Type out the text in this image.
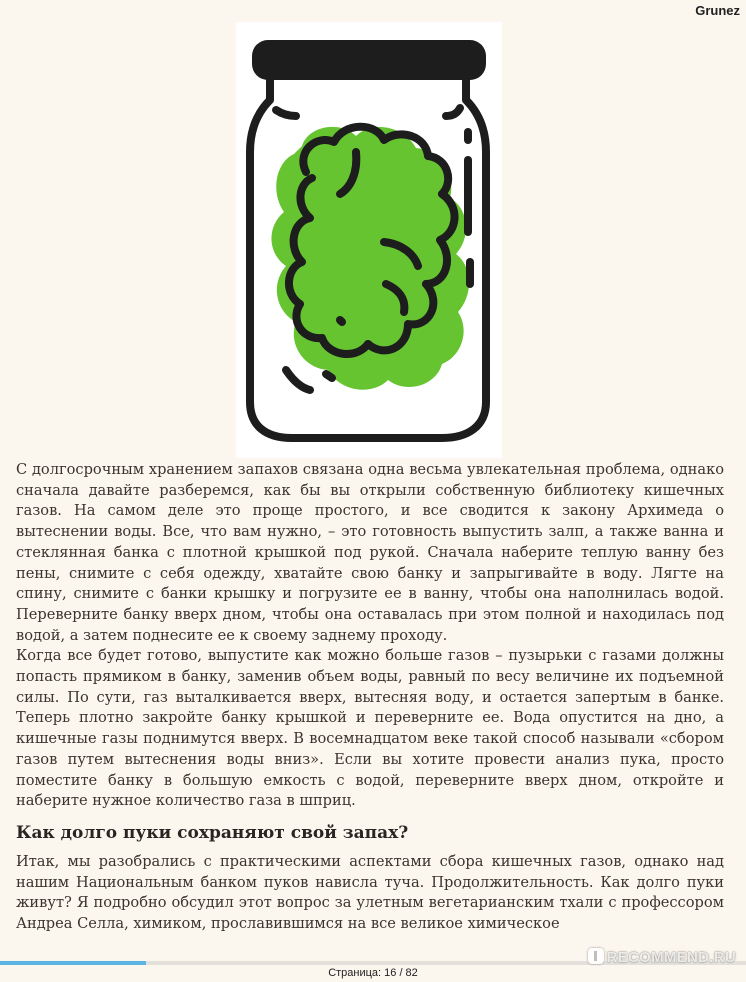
Grunez

С долгосрочным хранением запахов связана одна весьма увлекательная проблема, однако сначала давайте разберемся, как бы вы открыли собственную библиотеку кишечных газов. На самом деле это проще простого, и все сводится к закону Архимеда о вытеснении воды. Все, что вам нужно, – это готовность выпустить залп, а также ванна и стеклянная банка с плотной крышкой под рукой. Сначала наберите теплую ванну без пены, снимите с себя одежду, хватайте свою банку и запрыгивайте в воду. Лягте на спину, снимите с банки крышку и погрузите ее в ванну, чтобы она наполнилась водой. Переверните банку вверх дном, чтобы она оставалась при этом полной и находилась под водой, а затем поднесите ее к своему заднему проходу.

Когда все будет готово, выпустите как можно больше газов – пузырьки с газами должны попасть прямиком в банку, заменив объем воды, равный по весу величине их подъемной силы. По сути, газ выталкивается вверх, вытесняя воду, и остается запертым в банке. Теперь плотно закройте банку крышкой и переверните ее. Вода опустится на дно, а кишечные газы поднимутся вверх. В восемнадцатом веке такой способ называли «сбором газов путем вытеснения воды вниз». Если вы хотите провести анализ пука, просто поместите банку в большую емкость с водой, переверните вверх дном, откройте и наберите нужное количество газа в шприц.

Как долго пуки сохраняют свой запах?

Итак, мы разобрались с практическими аспектами сбора кишечных газов, однако над нашим Национальным банком пуков нависла туча. Продолжительность. Как долго пуки живут? Я подробно обсудил этот вопрос за улетным вегетарианским тхали с профессором Андреа Селла, химиком, прославившимся на все великое химическое

Страница: 16 / 82
RECOMMEND.RU
